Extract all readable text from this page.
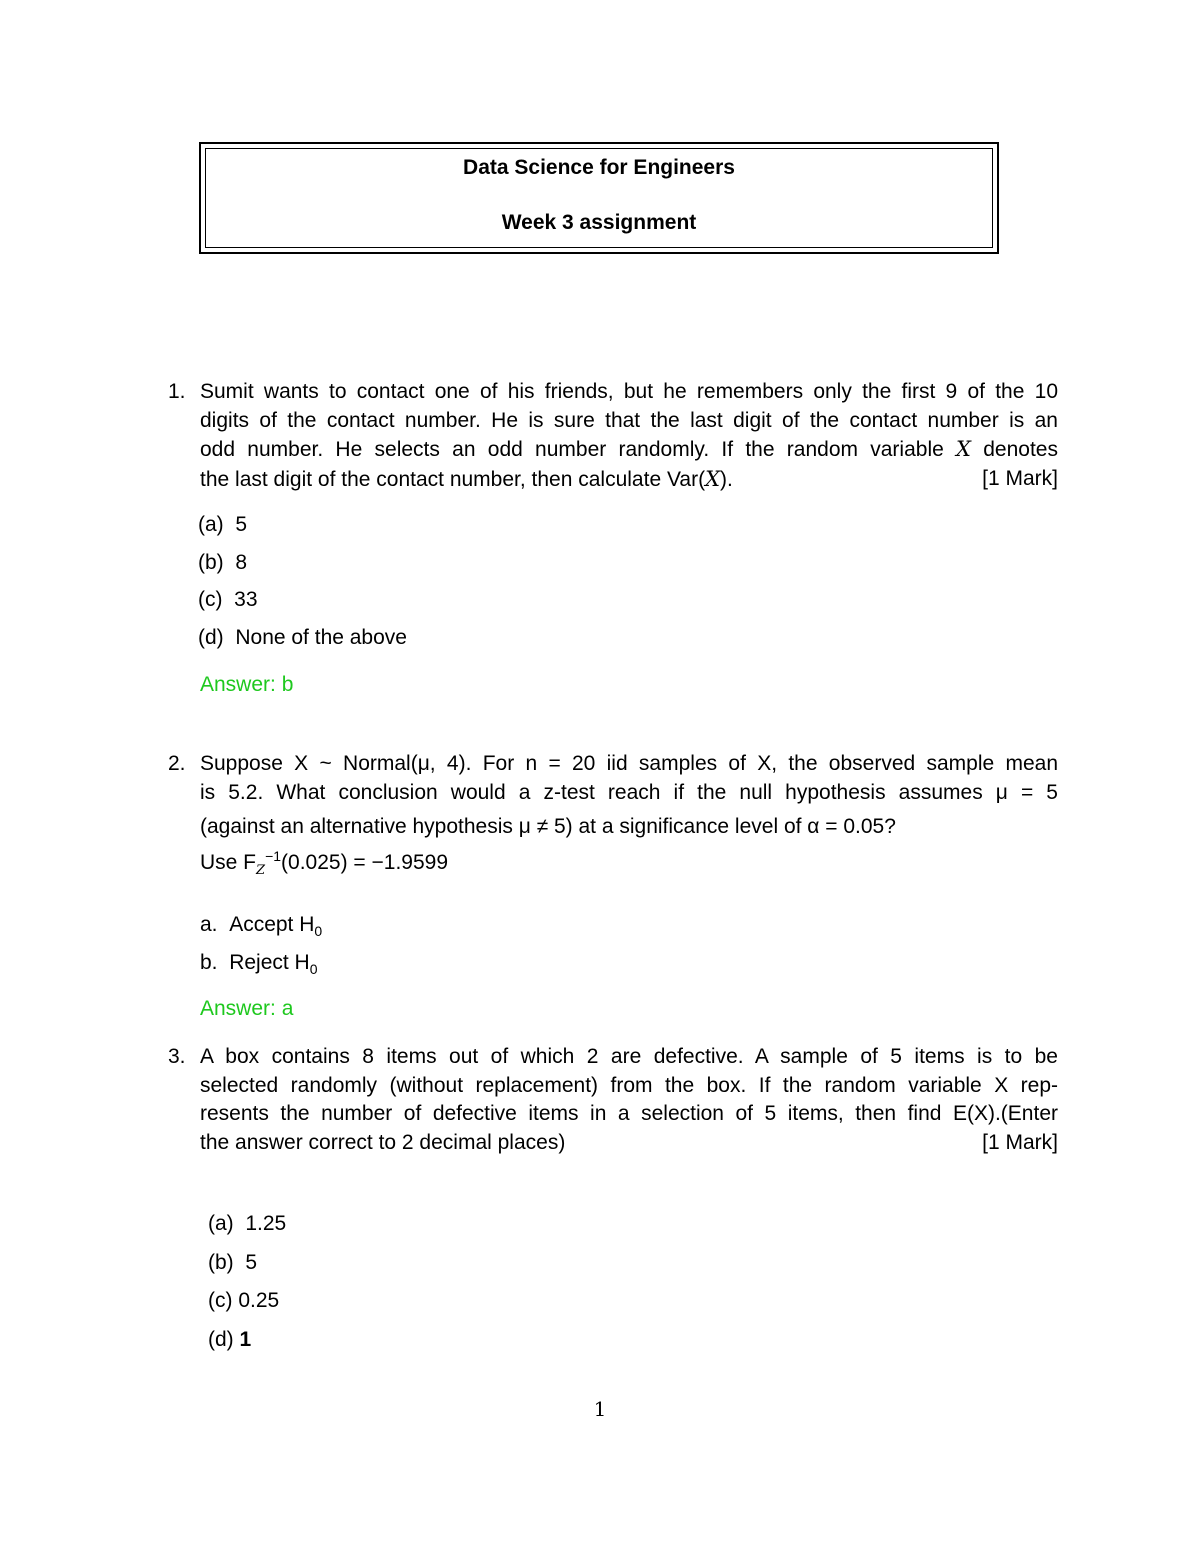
Data Science for Engineers
Week 3 assignment
1. Sumit wants to contact one of his friends, but he remembers only the first 9 of the 10
digits of the contact number. He is sure that the last digit of the contact number is an
odd number. He selects an odd number randomly. If the random variable X denotes
the last digit of the contact number, then calculate Var(X).	[1 Mark]
(a) 5
(b) 8
(c) 33
(d) None of the above
Answer: b
2. Suppose X ~ Normal(μ, 4). For n = 20 iid samples of X, the observed sample mean
is 5.2. What conclusion would a z-test reach if the null hypothesis assumes μ = 5
(against an alternative hypothesis μ ≠ 5) at a significance level of α = 0.05?
Use $F_Z^{-1}(0.025) = -1.9599$
a. Accept $H_0$
b. Reject $H_0$
Answer: a
3. A box contains 8 items out of which 2 are defective. A sample of 5 items is to be
selected randomly (without replacement) from the box. If the random variable X rep-
resents the number of defective items in a selection of 5 items, then find E(X).(Enter
the answer correct to 2 decimal places)	[1 Mark]
(a) 1.25
(b) 5
(c) 0.25
(d) 1
1
